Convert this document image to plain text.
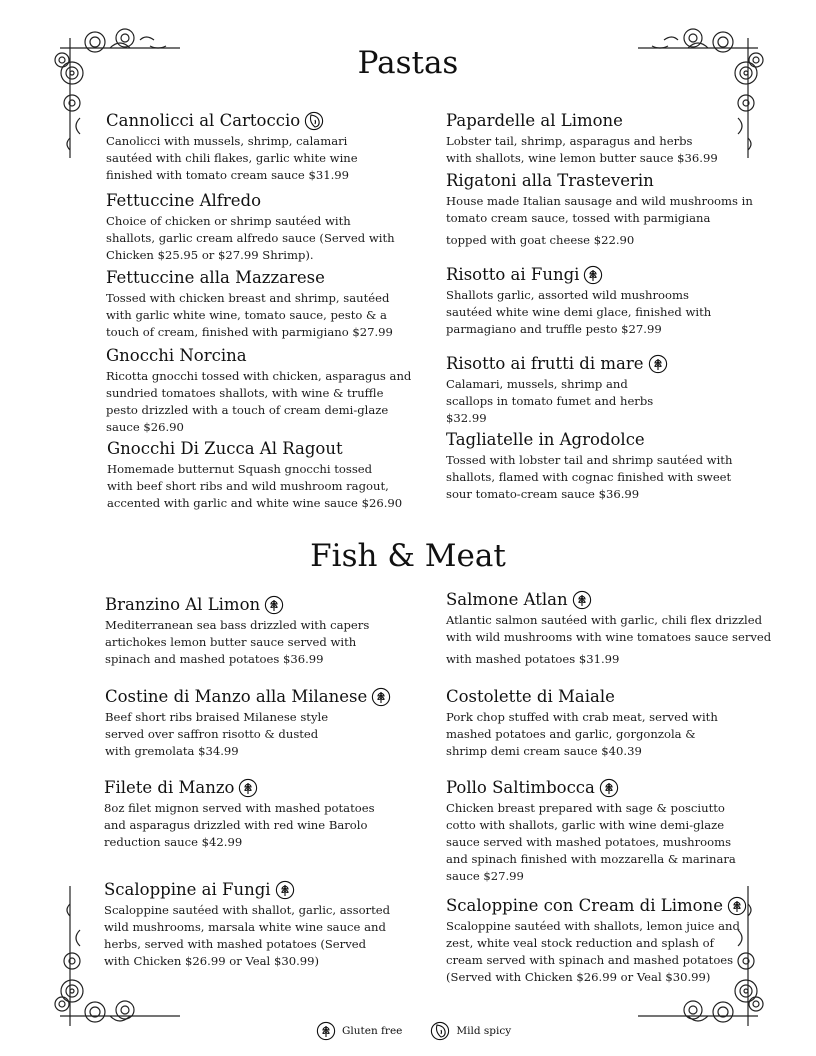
Pastas
Fish & Meat
Cannolicci al Cartoccio
Canolicci with mussels, shrimp, calamari
sautéed with chili flakes, garlic white wine
finished with tomato cream sauce $31.99
Fettuccine Alfredo
Choice of chicken or shrimp sautéed with
shallots, garlic cream alfredo sauce (Served with
Chicken $25.95 or $27.99 Shrimp).
Fettuccine alla Mazzarese
Tossed with chicken breast and shrimp, sautéed
with garlic white wine, tomato sauce, pesto & a
touch of cream, finished with parmigiano $27.99
Gnocchi Norcina
Ricotta gnocchi tossed with chicken, asparagus and
sundried tomatoes shallots, with wine & truffle
pesto drizzled with a touch of cream demi-glaze
sauce $26.90
Gnocchi Di Zucca Al Ragout
Homemade butternut Squash gnocchi tossed
with beef short ribs and wild mushroom ragout,
accented with garlic and white wine sauce $26.90
Papardelle al Limone
Lobster tail, shrimp, asparagus and herbs
with shallots, wine lemon butter sauce $36.99
Rigatoni alla Trasteverin
House made Italian sausage and wild mushrooms in
tomato cream sauce, tossed with parmigiana
topped with goat cheese $22.90
Risotto ai Fungi
Shallots garlic, assorted wild mushrooms
sautéed white wine demi glace, finished with
parmagiano and truffle pesto $27.99
Risotto ai frutti di mare
Calamari, mussels, shrimp and
scallops in tomato fumet and herbs
$32.99
Tagliatelle in Agrodolce
Tossed with lobster tail and shrimp sautéed with
shallots, flamed with cognac finished with sweet
sour tomato-cream sauce $36.99
Branzino Al Limon
Mediterranean sea bass drizzled with capers
artichokes lemon butter sauce served with
spinach and mashed potatoes $36.99
Costine di Manzo alla Milanese
Beef short ribs braised Milanese style
served over saffron risotto & dusted
with gremolata $34.99
Filete di Manzo
8oz filet mignon served with mashed potatoes
and asparagus drizzled with red wine Barolo
reduction sauce $42.99
Scaloppine ai Fungi
Scaloppine sautéed with shallot, garlic, assorted
wild mushrooms, marsala white wine sauce and
herbs, served with mashed potatoes (Served
with Chicken $26.99 or Veal $30.99)
Salmone Atlan
Atlantic salmon sautéed with garlic, chili flex drizzled
with wild mushrooms with wine tomatoes sauce served
with mashed potatoes $31.99
Costolette di Maiale
Pork chop stuffed with crab meat, served with
mashed potatoes and garlic, gorgonzola &
shrimp demi cream sauce $40.39
Pollo Saltimbocca
Chicken breast prepared with sage & posciutto
cotto with shallots, garlic with wine demi-glaze
sauce served with mashed potatoes, mushrooms
and spinach finished with mozzarella & marinara
sauce $27.99
Scaloppine con Cream di Limone
Scaloppine sautéed with shallots, lemon juice and
zest, white veal stock reduction and splash of
cream served with spinach and mashed potatoes
(Served with Chicken $26.99 or Veal $30.99)
Gluten free	Mild spicy
